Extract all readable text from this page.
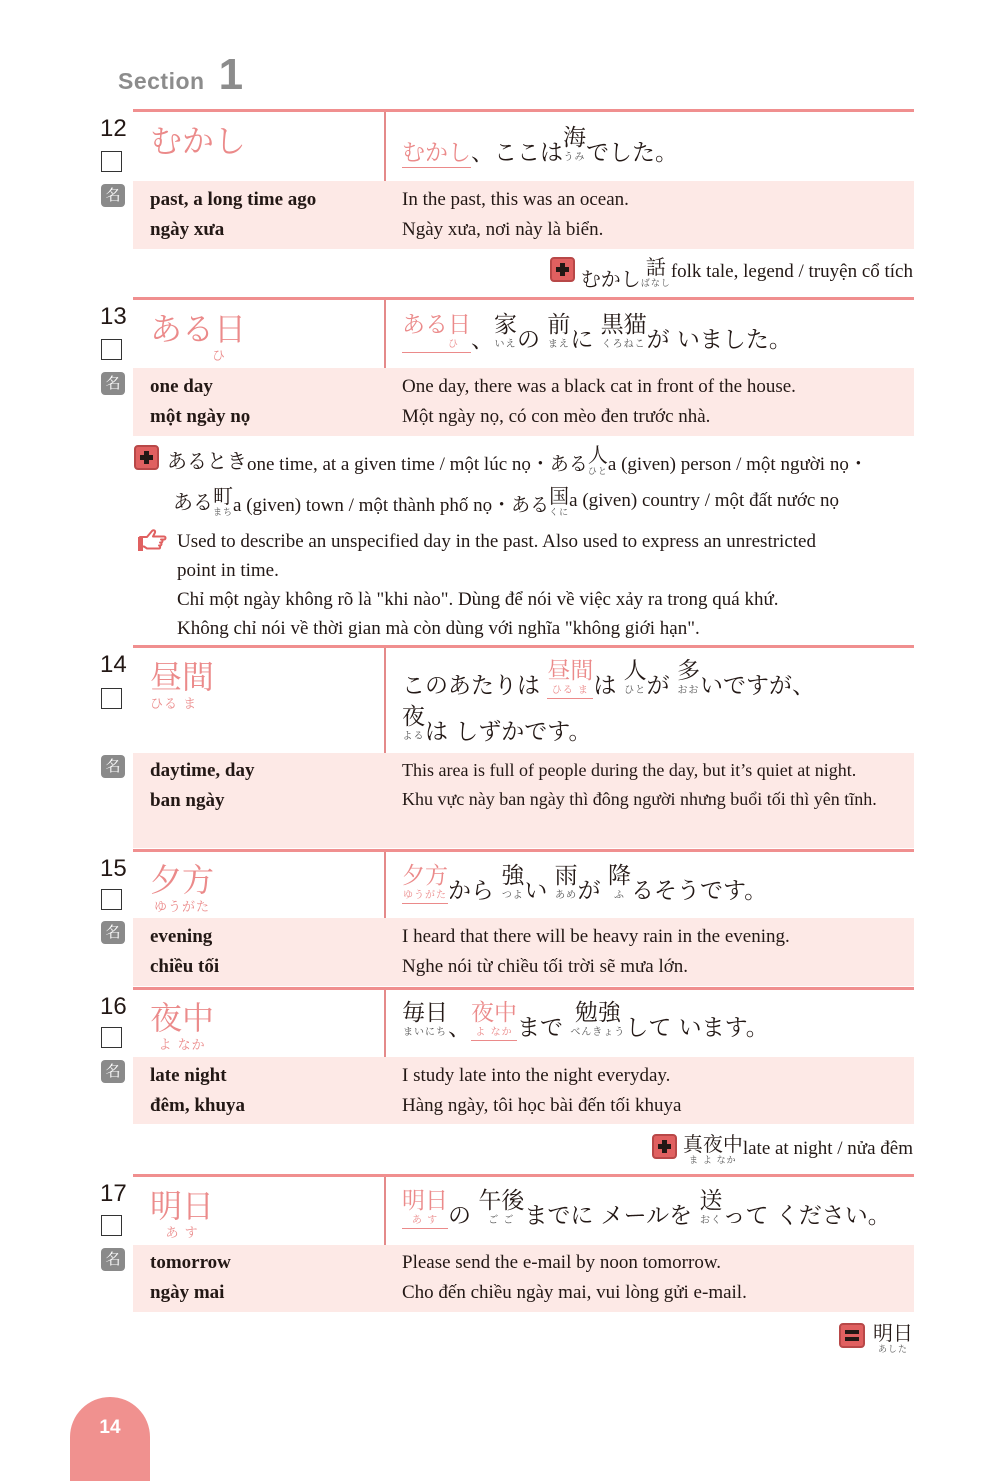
Section 1
12
名
むかし	むかし 、ここは
海
うみ でした。
past, a long time ago
ngày xưa
In the past, this was an ocean.
Ngày xưa, nơi này là biển.
むかし 話
ばなし
folk tale, legend / truyện cổ tích
13
名
ある日
ひ
ある日
ひ 、
家
いえ の
前
まえ に
黒猫
くろねこ が いました。
one day
một ngày nọ
One day, there was a black cat in front of the house.
Một ngày nọ, có con mèo đen trước nhà.
あるとき one time, at a given time / một lúc nọ・ある 人
ひと a (given) person / một người nọ・
ある 町
まち a (given) town / một thành phố nọ・ある 国
くに
a (given) country / một đất nước nọ
Used to describe an unspecified day in the past. Also used to express an unrestricted
point in time.
Chỉ một ngày không rõ là "khi nào". Dùng để nói về việc xảy ra trong quá khứ.
Không chỉ nói về thời gian mà còn dùng với nghĩa "không giới hạn".
14
名
昼間
ひる ま
このあたりは
昼間
ひる ま は
人
ひと が
多
おお いですが、
夜
よる は しずかです。
daytime, day
ban ngày
This area is full of people during the day, but it’s quiet at night.
Khu vực này ban ngày thì đông người nhưng buổi tối thì yên tĩnh.
15
名
夕方
ゆうがた
夕方
ゆうがた から
強
つよ い
雨
あめ が
降
ふ るそうです。
evening
chiều tối
I heard that there will be heavy rain in the evening.
Nghe nói từ chiều tối trời sẽ mưa lớn.
16
名
夜中
よ なか
毎日
まいにち 、
夜中
よ なか まで
勉強
べんきょう して います。
late night
đêm, khuya
I study late into the night everyday.
Hàng ngày, tôi học bài đến tối khuya
真夜中
ま よ なか
late at night / nửa đêm
17
名
明日
あ す
明日
あ す の
午後
ご ご までに メールを
送
おく って ください。
tomorrow
ngày mai
Please send the e-mail by noon tomorrow.
Cho đến chiều ngày mai, vui lòng gửi e-mail.
明日
あした
14
